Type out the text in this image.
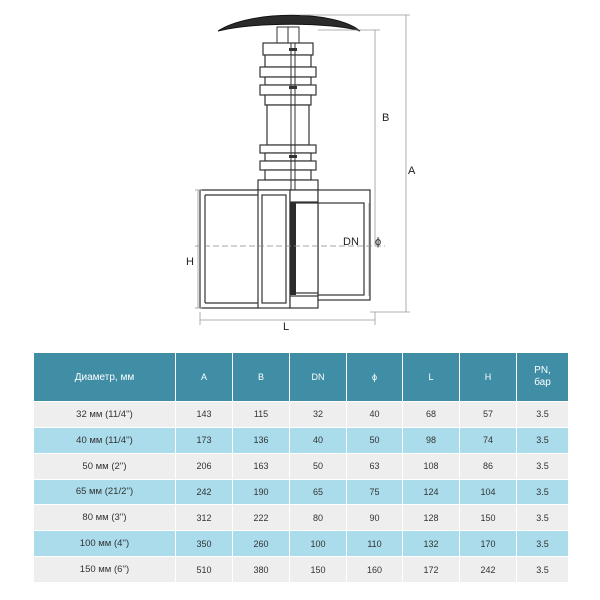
B
A
DN ϕ
H
L
Диаметр, мм	A	B	DN	ϕ	L	H	PN,
бар
32 мм (11/4'')	143	115	32	40	68	57	3.5
40 мм (11/4'')	173	136	40	50	98	74	3.5
50 мм (2'')	206	163	50	63	108	86	3.5
65 мм (21/2'')	242	190	65	75	124	104	3.5
80 мм (3'')	312	222	80	90	128	150	3.5
100 мм (4'')	350	260	100	110	132	170	3.5
150 мм (6'')	510	380	150	160	172	242	3.5
